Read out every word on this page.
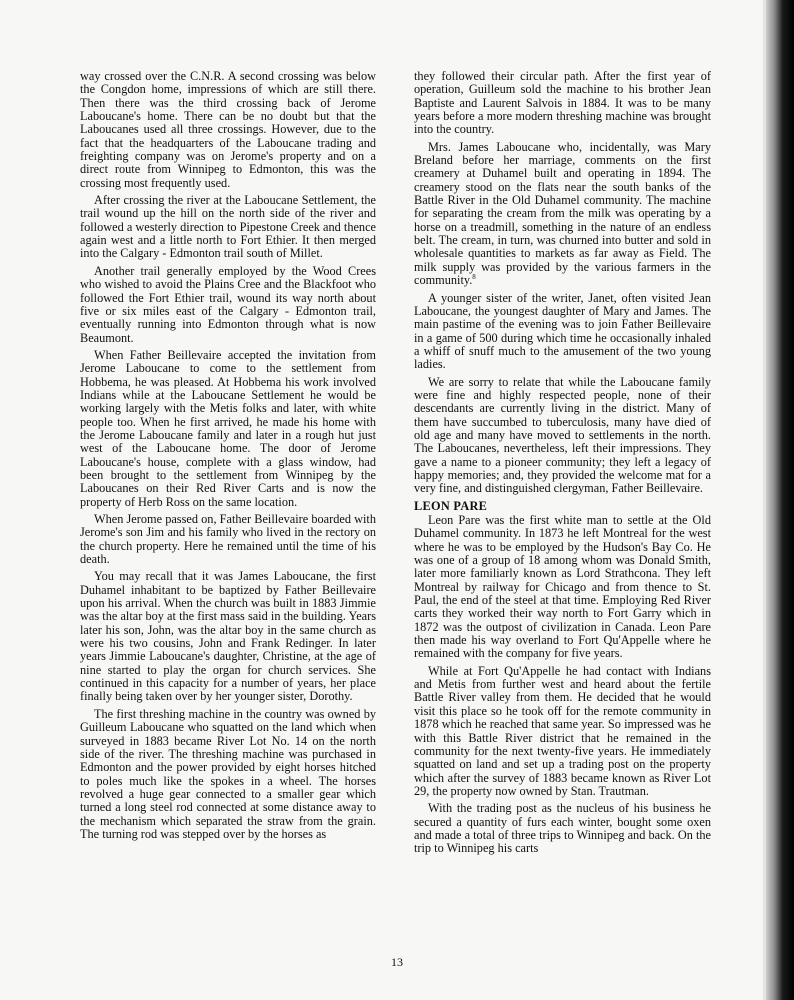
way crossed over the C.N.R. A second crossing was below the Congdon home, impressions of which are still there. Then there was the third crossing back of Jerome Laboucane's home. There can be no doubt but that the Laboucanes used all three crossings. However, due to the fact that the headquarters of the Laboucane trading and freighting company was on Jerome's property and on a direct route from Winnipeg to Edmonton, this was the crossing most frequently used.

After crossing the river at the Laboucane Settlement, the trail wound up the hill on the north side of the river and followed a westerly direction to Pipestone Creek and thence again west and a little north to Fort Ethier. It then merged into the Calgary - Edmonton trail south of Millet.

Another trail generally employed by the Wood Crees who wished to avoid the Plains Cree and the Blackfoot who followed the Fort Ethier trail, wound its way north about five or six miles east of the Calgary - Edmonton trail, eventually running into Edmonton through what is now Beaumont.

When Father Beillevaire accepted the invitation from Jerome Laboucane to come to the settlement from Hobbema, he was pleased. At Hobbema his work involved Indians while at the Laboucane Settlement he would be working largely with the Metis folks and later, with white people too. When he first arrived, he made his home with the Jerome Laboucane family and later in a rough hut just west of the Laboucane home. The door of Jerome Laboucane's house, complete with a glass window, had been brought to the settlement from Winnipeg by the Laboucanes on their Red River Carts and is now the property of Herb Ross on the same location.

When Jerome passed on, Father Beillevaire boarded with Jerome's son Jim and his family who lived in the rectory on the church property. Here he remained until the time of his death.

You may recall that it was James Laboucane, the first Duhamel inhabitant to be baptized by Father Beillevaire upon his arrival. When the church was built in 1883 Jimmie was the altar boy at the first mass said in the building. Years later his son, John, was the altar boy in the same church as were his two cousins, John and Frank Redinger. In later years Jimmie Laboucane's daughter, Christine, at the age of nine started to play the organ for church services. She continued in this capacity for a number of years, her place finally being taken over by her younger sister, Dorothy.

The first threshing machine in the country was owned by Guilleum Laboucane who squatted on the land which when surveyed in 1883 became River Lot No. 14 on the north side of the river. The threshing machine was purchased in Edmonton and the power provided by eight horses hitched to poles much like the spokes in a wheel. The horses revolved a huge gear connected to a smaller gear which turned a long steel rod connected at some distance away to the mechanism which separated the straw from the grain. The turning rod was stepped over by the horses as

they followed their circular path. After the first year of operation, Guilleum sold the machine to his brother Jean Baptiste and Laurent Salvois in 1884. It was to be many years before a more modern threshing machine was brought into the country.

Mrs. James Laboucane who, incidentally, was Mary Breland before her marriage, comments on the first creamery at Duhamel built and operating in 1894. The creamery stood on the flats near the south banks of the Battle River in the Old Duhamel community. The machine for separating the cream from the milk was operating by a horse on a treadmill, something in the nature of an endless belt. The cream, in turn, was churned into butter and sold in wholesale quantities to markets as far away as Field. The milk supply was provided by the various farmers in the community.$^8$

A younger sister of the writer, Janet, often visited Jean Laboucane, the youngest daughter of Mary and James. The main pastime of the evening was to join Father Beillevaire in a game of 500 during which time he occasionally inhaled a whiff of snuff much to the amusement of the two young ladies.

We are sorry to relate that while the Laboucane family were fine and highly respected people, none of their descendants are currently living in the district. Many of them have succumbed to tuberculosis, many have died of old age and many have moved to settlements in the north. The Laboucanes, nevertheless, left their impressions. They gave a name to a pioneer community; they left a legacy of happy memories; and, they provided the welcome mat for a very fine, and distinguished clergyman, Father Beillevaire.

LEON PARE

Leon Pare was the first white man to settle at the Old Duhamel community. In 1873 he left Montreal for the west where he was to be employed by the Hudson's Bay Co. He was one of a group of 18 among whom was Donald Smith, later more familiarly known as Lord Strathcona. They left Montreal by railway for Chicago and from thence to St. Paul, the end of the steel at that time. Employing Red River carts they worked their way north to Fort Garry which in 1872 was the outpost of civilization in Canada. Leon Pare then made his way overland to Fort Qu'Appelle where he remained with the company for five years.

While at Fort Qu'Appelle he had contact with Indians and Metis from further west and heard about the fertile Battle River valley from them. He decided that he would visit this place so he took off for the remote community in 1878 which he reached that same year. So impressed was he with this Battle River district that he remained in the community for the next twenty-five years. He immediately squatted on land and set up a trading post on the property which after the survey of 1883 became known as River Lot 29, the property now owned by Stan. Trautman.

With the trading post as the nucleus of his business he secured a quantity of furs each winter, bought some oxen and made a total of three trips to Winnipeg and back. On the trip to Winnipeg his carts

13
